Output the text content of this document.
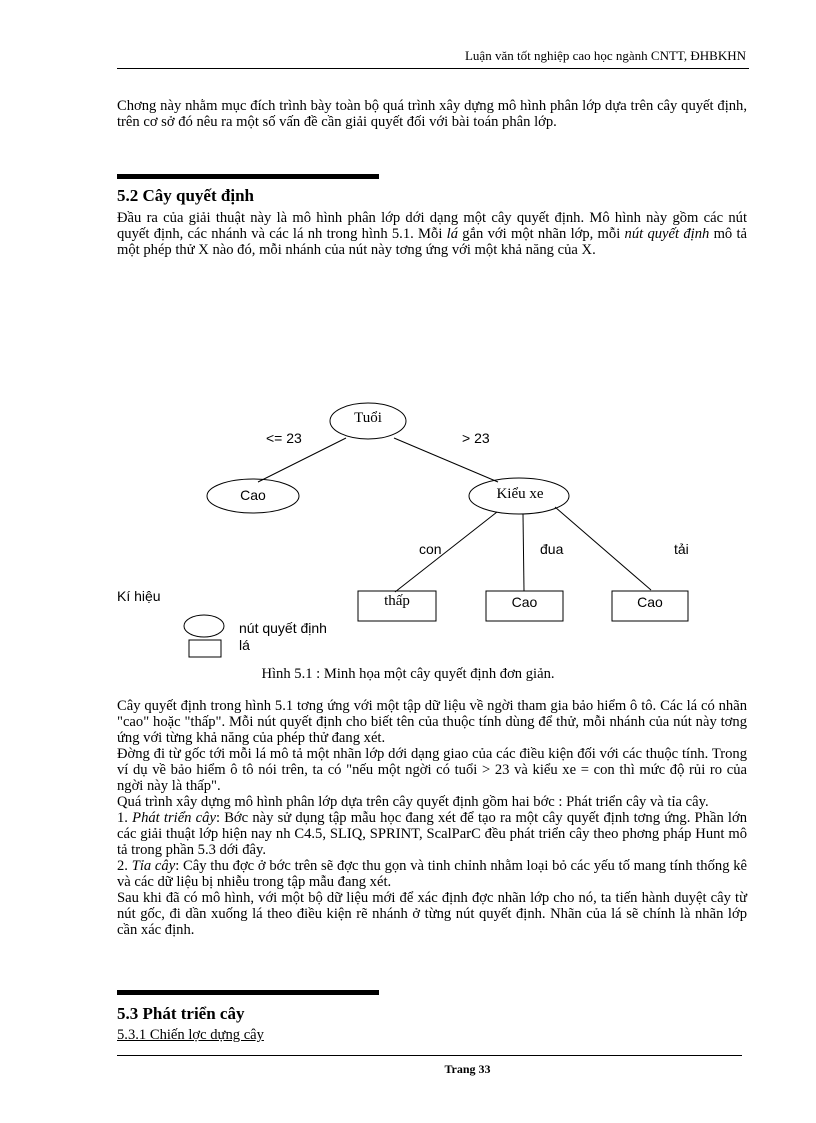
Luận văn tốt nghiệp cao học ngành CNTT, ĐHBKHN

Chơng này nhằm mục đích trình bày toàn bộ quá trình xây dựng mô hình phân lớp dựa trên cây quyết định, trên cơ sở đó nêu ra một số vấn đề cần giải quyết đối với bài toán phân lớp.

5.2 Cây quyết định

Đầu ra của giải thuật này là mô hình phân lớp dới dạng một cây quyết định. Mô hình này gồm các nút quyết định, các nhánh và các lá nh trong hình 5.1. Mỗi lá gắn với một nhãn lớp, mỗi nút quyết định mô tả một phép thử X nào đó, mỗi nhánh của nút này tơng ứng với một khả năng của X.

Tuổi
Cao	Kiểu xe
thấp	Cao	Cao
<= 23	> 23
con	đua	tải
Kí hiệu
nút quyết định
lá
Hình 5.1 : Minh họa một cây quyết định đơn giản.

Cây quyết định trong hình 5.1 tơng ứng với một tập dữ liệu về ngời tham gia bảo hiểm ô tô. Các lá có nhãn "cao" hoặc "thấp". Mỗi nút quyết định cho biết tên của thuộc tính dùng để thử, mỗi nhánh của nút này tơng ứng với từng khả năng của phép thử đang xét.

Đờng đi từ gốc tới mỗi lá mô tả một nhãn lớp dới dạng giao của các điều kiện đối với các thuộc tính. Trong ví dụ về bảo hiểm ô tô nói trên, ta có "nếu một ngời có tuổi > 23 và kiểu xe = con thì mức độ rủi ro của ngời này là thấp".

Quá trình xây dựng mô hình phân lớp dựa trên cây quyết định gồm hai bớc : Phát triển cây và tỉa cây.

1. Phát triển cây: Bớc này sử dụng tập mẫu học đang xét để tạo ra một cây quyết định tơng ứng. Phần lớn các giải thuật lớp hiện nay nh C4.5, SLIQ, SPRINT, ScalParC đều phát triển cây theo phơng pháp Hunt mô tả trong phần 5.3 dới đây.

2. Tỉa cây: Cây thu đợc ở bớc trên sẽ đợc thu gọn và tinh chỉnh nhằm loại bỏ các yếu tố mang tính thống kê và các dữ liệu bị nhiễu trong tập mẫu đang xét.

Sau khi đã có mô hình, với một bộ dữ liệu mới để xác định đợc nhãn lớp cho nó, ta tiến hành duyệt cây từ nút gốc, đi dần xuống lá theo điều kiện rẽ nhánh ở từng nút quyết định. Nhãn của lá sẽ chính là nhãn lớp cần xác định.

5.3 Phát triển cây
5.3.1 Chiến lợc dựng cây
Trang 33
